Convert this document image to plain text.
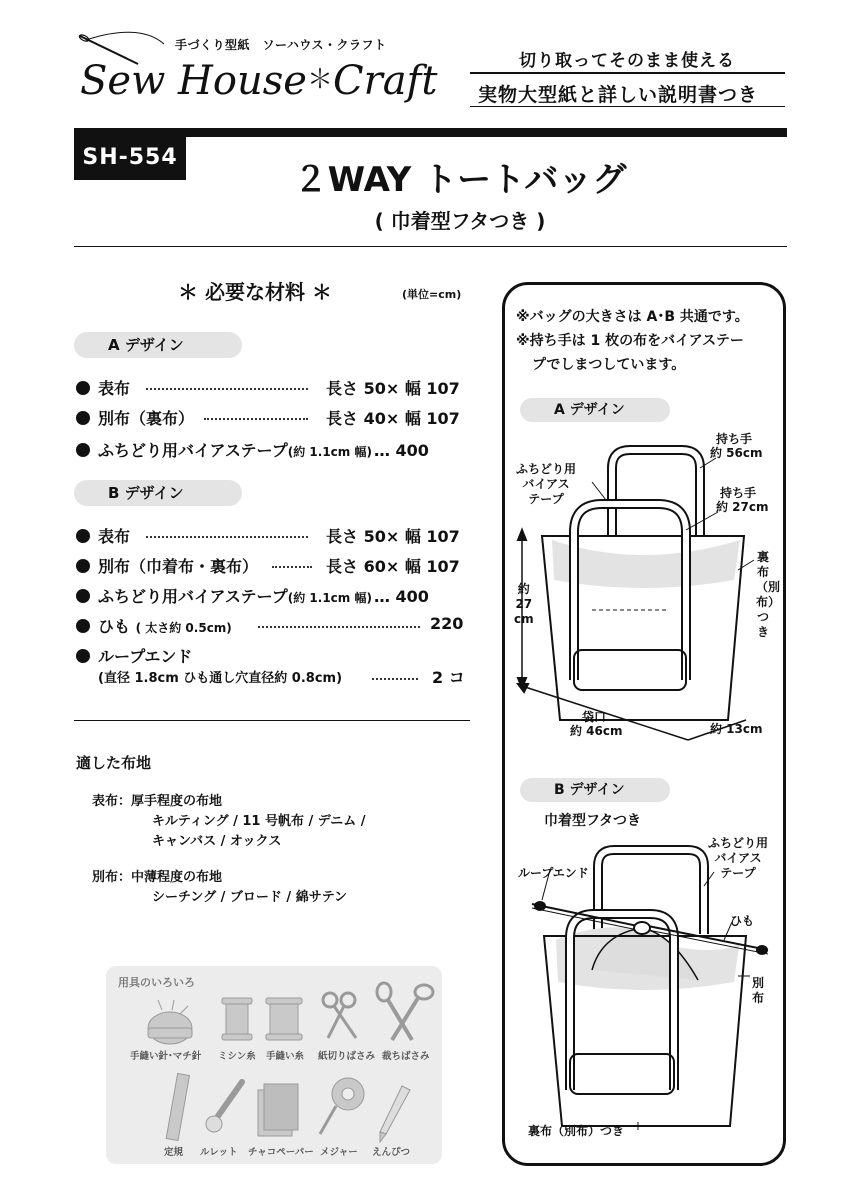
手づくり型紙　ソーハウス・クラフト
Sew House＊Craft	切り取ってそのまま使える
実物大型紙と詳しい説明書つき
SH-554
２WAY トートバッグ
( 巾着型フタつき )
＊ 必要な材料 ＊	(単位=cm)
A デザイン
表布	長さ 50× 幅 107
別布（裏布）	長さ 40× 幅 107
ふちどり用バイアステープ(約 1.1cm 幅) … 400
B デザイン
表布	長さ 50× 幅 107
別布（巾着布・裏布）	長さ 60× 幅 107
ふちどり用バイアステープ(約 1.1cm 幅) … 400
ひも ( 太さ約 0.5cm)	220
ループエンド
(直径 1.8cm ひも通し穴直径約 0.8cm)	2 コ
適した布地
表布：厚手程度の布地
キルティング / 11 号帆布 / デニム /
キャンバス / オックス
別布：中薄程度の布地
シーチング / ブロード / 綿サテン
用具のいろいろ
手縫い針･マチ針 ミシン糸 手縫い糸 紙切りばさみ 裁ちばさみ
定規 ルレット チャコペーパー メジャー えんぴつ
※バッグの大きさは A･B 共通です。
※持ち手は 1 枚の布をバイアステー
プでしまつしています。
A デザイン
持ち手
約 56cm
持ち手
約 27cm
ふちどり用
バイアス
テープ
裏布（別布）つき
約
27
cm
袋口
約 46cm	約 13cm
B デザイン
巾着型フタつき
ふちどり用
バイアス
テープ
ループエンド
ひも
別
布
裏布（別布）つき
